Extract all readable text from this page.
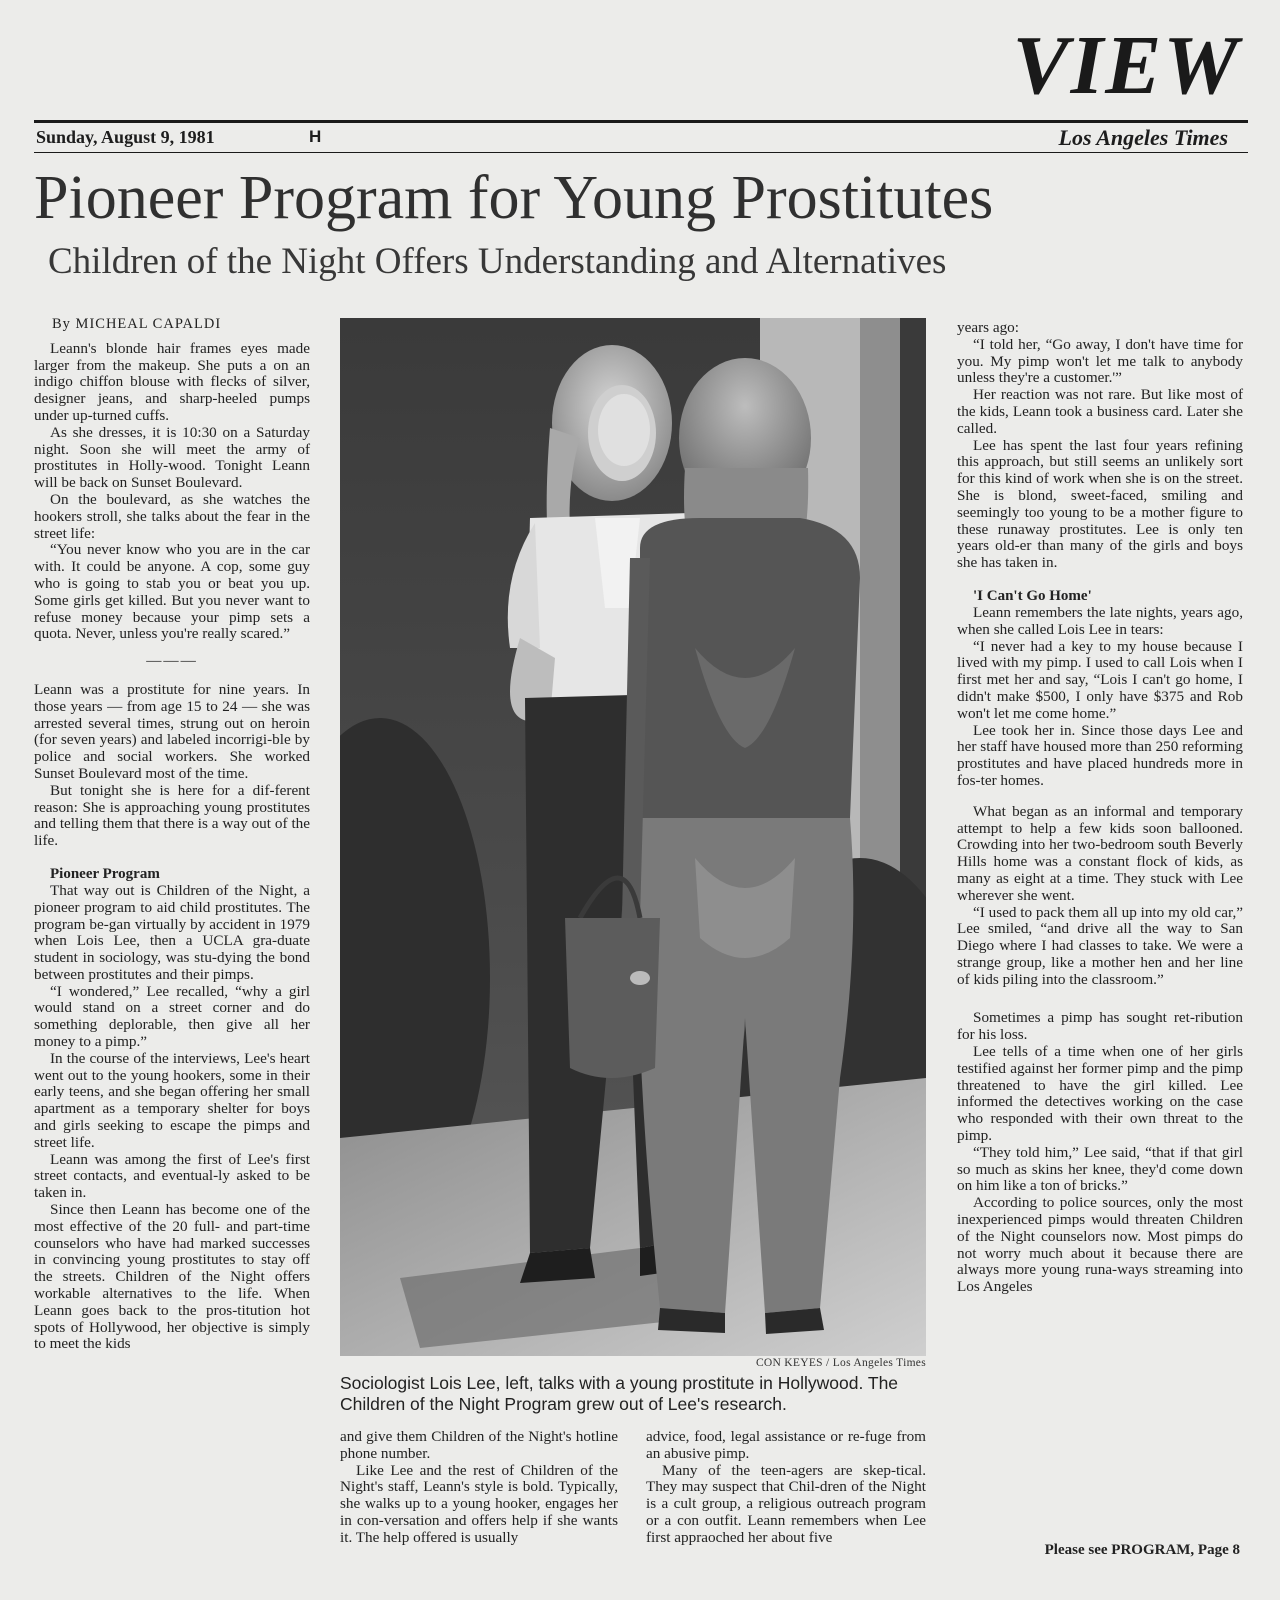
VIEW
Sunday, August 9, 1981	H	Los Angeles Times
Pioneer Program for Young Prostitutes
Children of the Night Offers Understanding and Alternatives

By MICHEAL CAPALDI

Leann's blonde hair frames eyes made larger from the makeup. She puts a on an indigo chiffon blouse with flecks of silver, designer jeans, and sharp-heeled pumps under up-turned cuffs.

As she dresses, it is 10:30 on a Saturday night. Soon she will meet the army of prostitutes in Holly-wood. Tonight Leann will be back on Sunset Boulevard.

On the boulevard, as she watches the hookers stroll, she talks about the fear in the street life:

“You never know who you are in the car with. It could be anyone. A cop, some guy who is going to stab you or beat you up. Some girls get killed. But you never want to refuse money because your pimp sets a quota. Never, unless you're really scared.”

———

Leann was a prostitute for nine years. In those years — from age 15 to 24 — she was arrested several times, strung out on heroin (for seven years) and labeled incorrigi-ble by police and social workers. She worked Sunset Boulevard most of the time.

But tonight she is here for a dif-ferent reason: She is approaching young prostitutes and telling them that there is a way out of the life.

Pioneer Program

That way out is Children of the Night, a pioneer program to aid child prostitutes. The program be-gan virtually by accident in 1979 when Lois Lee, then a UCLA gra-duate student in sociology, was stu-dying the bond between prostitutes and their pimps.

“I wondered,” Lee recalled, “why a girl would stand on a street corner and do something deplorable, then give all her money to a pimp.”

In the course of the interviews, Lee's heart went out to the young hookers, some in their early teens, and she began offering her small apartment as a temporary shelter for boys and girls seeking to escape the pimps and street life.

Leann was among the first of Lee's first street contacts, and eventual-ly asked to be taken in.

Since then Leann has become one of the most effective of the 20 full- and part-time counselors who have had marked successes in convincing young prostitutes to stay off the streets. Children of the Night offers workable alternatives to the life. When Leann goes back to the pros-titution hot spots of Hollywood, her objective is simply to meet the kids

CON KEYES / Los Angeles Times
Sociologist Lois Lee, left, talks with a young prostitute in Hollywood. The Children of the Night Program grew out of Lee's research.

and give them Children of the Night's hotline phone number.

Like Lee and the rest of Children of the Night's staff, Leann's style is bold. Typically, she walks up to a young hooker, engages her in con-versation and offers help if she wants it. The help offered is usually

advice, food, legal assistance or re-fuge from an abusive pimp.

Many of the teen-agers are skep-tical. They may suspect that Chil-dren of the Night is a cult group, a religious outreach program or a con outfit. Leann remembers when Lee first appraoched her about five

years ago:

“I told her, “Go away, I don't have time for you. My pimp won't let me talk to anybody unless they're a customer.'”

Her reaction was not rare. But like most of the kids, Leann took a business card. Later she called.

Lee has spent the last four years refining this approach, but still seems an unlikely sort for this kind of work when she is on the street. She is blond, sweet-faced, smiling and seemingly too young to be a mother figure to these runaway prostitutes. Lee is only ten years old-er than many of the girls and boys she has taken in.

'I Can't Go Home'

Leann remembers the late nights, years ago, when she called Lois Lee in tears:

“I never had a key to my house because I lived with my pimp. I used to call Lois when I first met her and say, “Lois I can't go home, I didn't make $500, I only have $375 and Rob won't let me come home.”

Lee took her in. Since those days Lee and her staff have housed more than 250 reforming prostitutes and have placed hundreds more in fos-ter homes.

What began as an informal and temporary attempt to help a few kids soon ballooned. Crowding into her two-bedroom south Beverly Hills home was a constant flock of kids, as many as eight at a time. They stuck with Lee wherever she went.

“I used to pack them all up into my old car,” Lee smiled, “and drive all the way to San Diego where I had classes to take. We were a strange group, like a mother hen and her line of kids piling into the classroom.”

Sometimes a pimp has sought ret-ribution for his loss.

Lee tells of a time when one of her girls testified against her former pimp and the pimp threatened to have the girl killed. Lee informed the detectives working on the case who responded with their own threat to the pimp.

“They told him,” Lee said, “that if that girl so much as skins her knee, they'd come down on him like a ton of bricks.”

According to police sources, only the most inexperienced pimps would threaten Children of the Night counselors now. Most pimps do not worry much about it because there are always more young runa-ways streaming into Los Angeles

Please see PROGRAM, Page 8
